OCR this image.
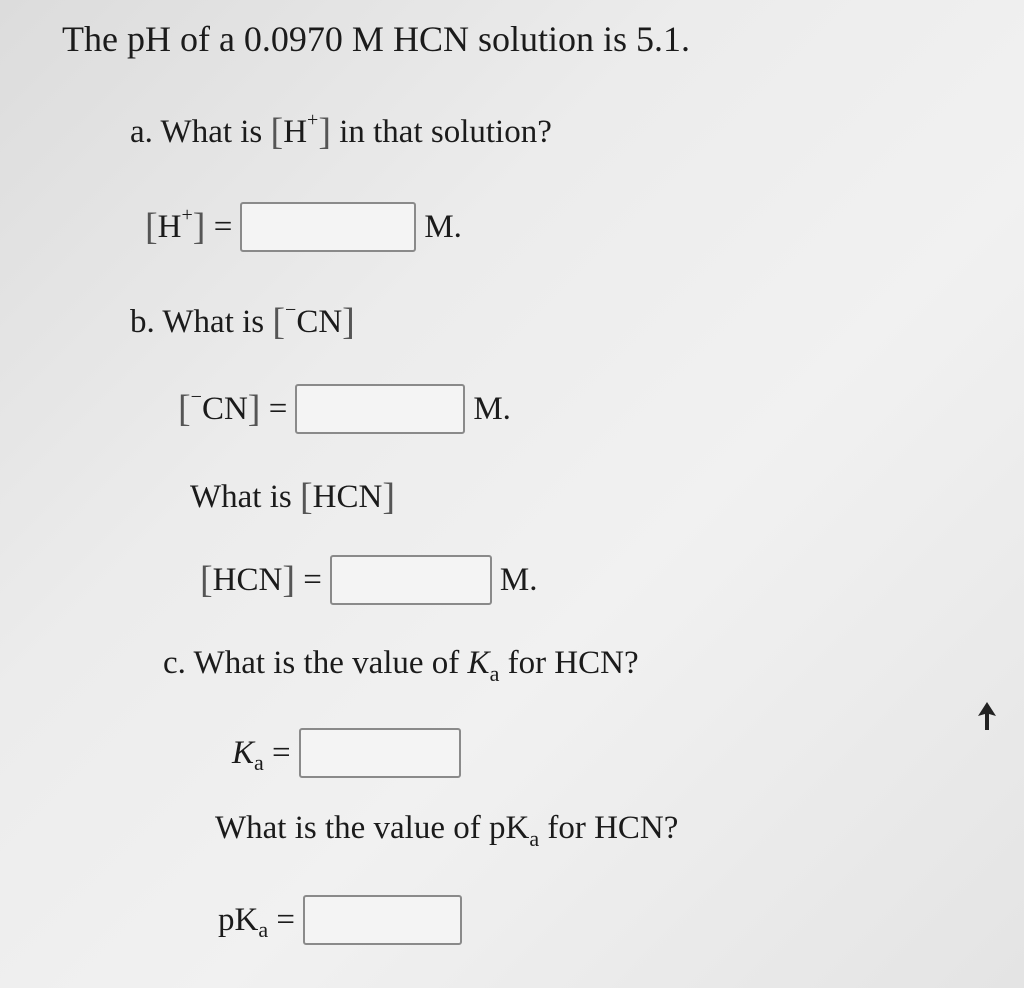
The pH of a 0.0970 M HCN solution is 5.1.
a. What is
[ H + ]
in that solution?
[ H + ]
=	M.
b. What is
[ − CN ]
[ − CN ]
=	M.
What is
[ HCN ]
[ HCN ]
=	M.
c. What is the value of
K a
for HCN?
K a
=
What is the value of
pK a
for HCN?
pK a
=
